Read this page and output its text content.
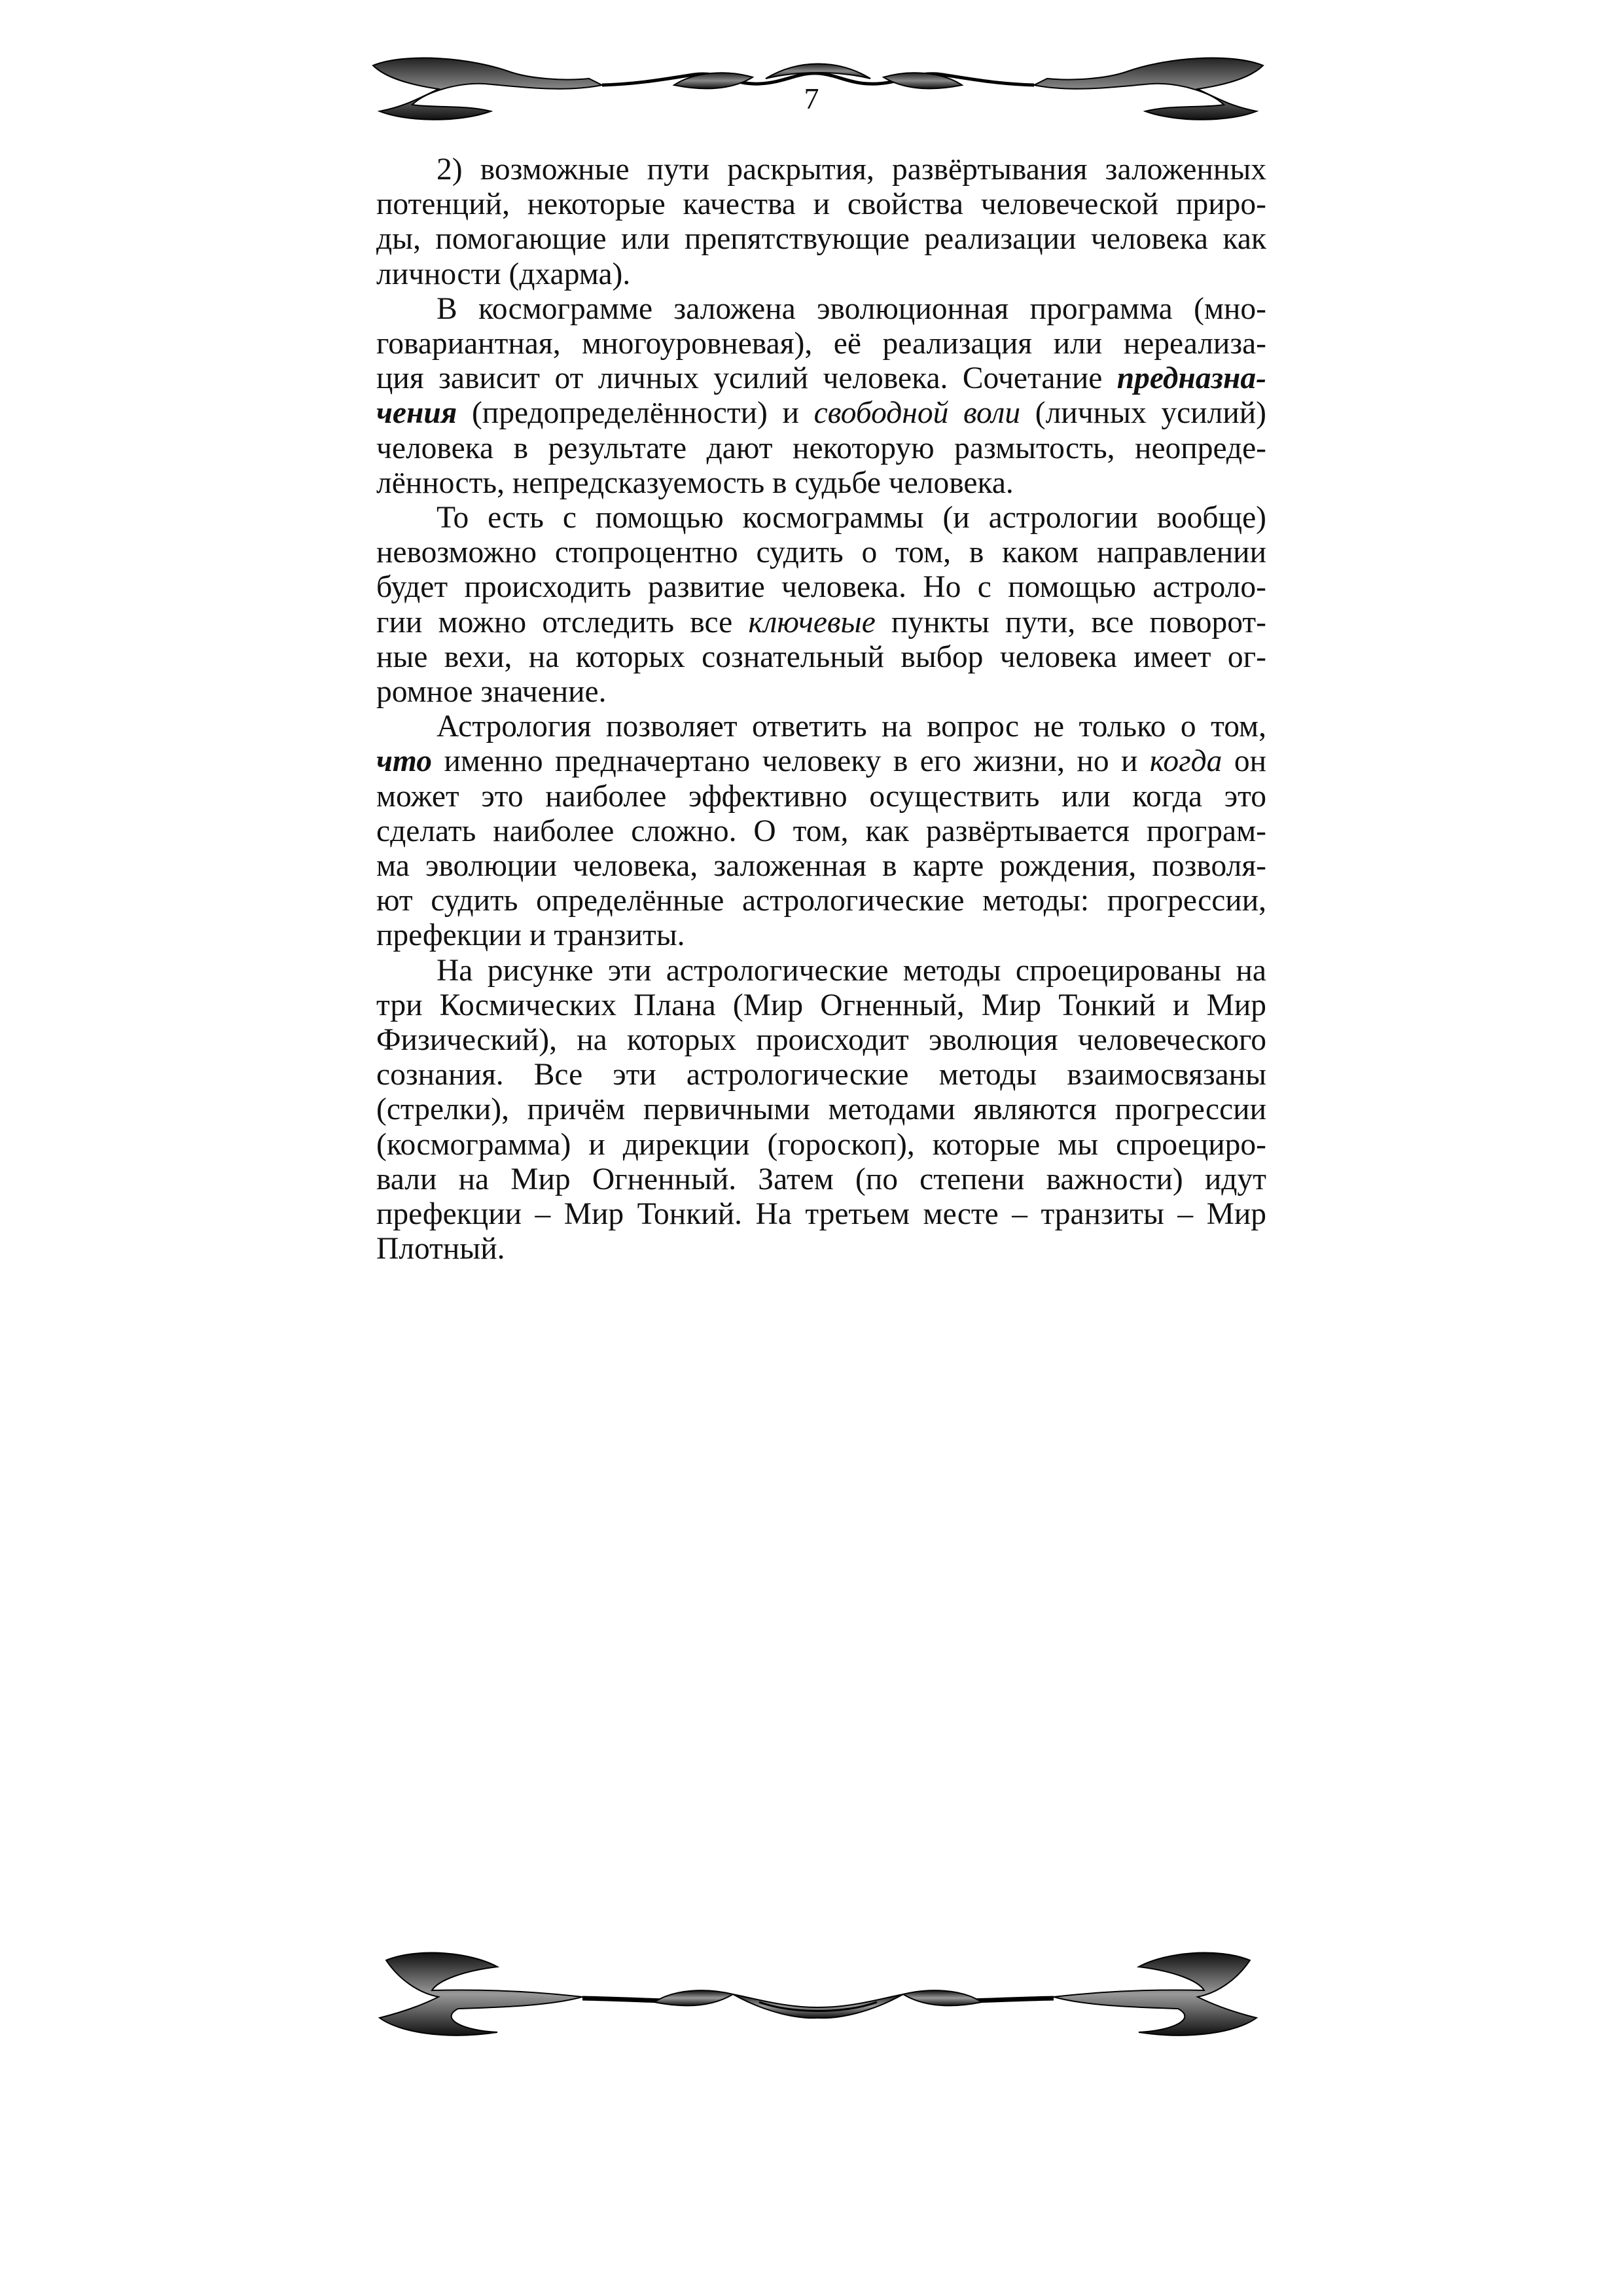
7

2) возможные пути раскрытия, развёртывания заложенных
потенций, некоторые качества и свойства человеческой приро-
ды, помогающие или препятствующие реализации человека как
личности (дхарма).

В космограмме заложена эволюционная программа (мно-
говариантная, многоуровневая), её реализация или нереализа-
ция зависит от личных усилий человека. Сочетание предназна-
чения (предопределённости) и свободной воли (личных усилий)
человека в результате дают некоторую размытость, неопреде-
лённость, непредсказуемость в судьбе человека.

То есть с помощью космограммы (и астрологии вообще)
невозможно стопроцентно судить о том, в каком направлении
будет происходить развитие человека. Но с помощью астроло-
гии можно отследить все ключевые пункты пути, все поворот-
ные вехи, на которых сознательный выбор человека имеет ог-
ромное значение.

Астрология позволяет ответить на вопрос не только о том,
что именно предначертано человеку в его жизни, но и когда он
может это наиболее эффективно осуществить или когда это
сделать наиболее сложно. О том, как развёртывается програм-
ма эволюции человека, заложенная в карте рождения, позволя-
ют судить определённые астрологические методы: прогрессии,
префекции и транзиты.

На рисунке эти астрологические методы спроецированы на
три Космических Плана (Мир Огненный, Мир Тонкий и Мир
Физический), на которых происходит эволюция человеческого
сознания. Все эти астрологические методы взаимосвязаны
(стрелки), причём первичными методами являются прогрессии
(космограмма) и дирекции (гороскоп), которые мы спроециро-
вали на Мир Огненный. Затем (по степени важности) идут
префекции – Мир Тонкий. На третьем месте – транзиты – Мир
Плотный.
